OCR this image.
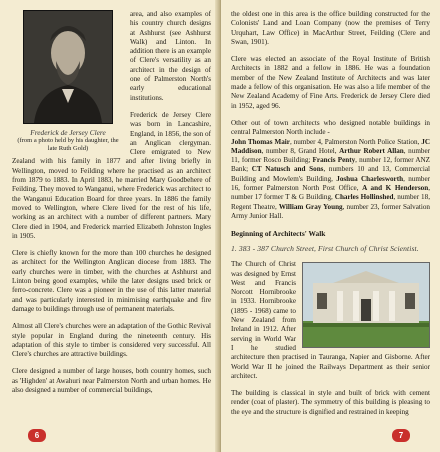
Frederick de Jersey Clere
(from a photo held by his daughter, the late Ruth Gold)

area, and also examples of his country church designs at Ashhurst (see Ashhurst Walk) and Linton. In addition there is an example of Clere's versatility as an architect in the design of one of Palmerston North's early educational institutions.

Frederick de Jersey Clere was born in Lancashire, England, in 1856, the son of an Anglican clergyman. Clere emigrated to New Zealand with his family in 1877 and after living briefly in Wellington, moved to Feilding where he practised as an architect from 1879 to 1883. In April 1883, he married Mary Goodbehere of Feilding. They moved to Wanganui, where Frederick was architect to the Wanganui Education Board for three years. In 1886 the family moved to Wellington, where Clere lived for the rest of his life, working as an architect with a number of different partners. Mary Clere died in 1904, and Frederick married Elizabeth Johnston Ingles in 1905.

Clere is chiefly known for the more than 100 churches he designed as architect for the Wellington Anglican diocese from 1883. The early churches were in timber, with the churches at Ashhurst and Linton being good examples, while the later designs used brick or ferro-concrete. Clere was a pioneer in the use of this latter material and was particularly interested in minimising earthquake and fire damage to buildings through use of permanent materials.

Almost all Clere's churches were an adaptation of the Gothic Revival style popular in England during the nineteenth century. His adaptation of this style to timber is considered very successful. All Clere's churches are attractive buildings.

Clere designed a number of large houses, both country homes, such as 'Highden' at Awahuri near Palmerston North and urban homes. He also designed a number of commercial buildings,

6

the oldest one in this area is the office building constructed for the Colonists' Land and Loan Company (now the premises of Terry Urquhart, Law Office) in MacArthur Street, Feilding (Clere and Swan, 1901).

Clere was elected an associate of the Royal Institute of British Architects in 1882 and a fellow in 1886. He was a foundation member of the New Zealand Institute of Architects and was later made a fellow of this organisation. He was also a life member of the New Zealand Academy of Fine Arts. Frederick de Jersey Clere died in 1952, aged 96.

Other out of town architects who designed notable buildings in central Palmerston North include -
John Thomas Mair, number 4, Palmerston North Police Station, JC Maddison, number 8, Grand Hotel, Arthur Robert Allan, number 11, former Rosco Building; Francis Penty, number 12, former ANZ Bank; CT Natusch and Sons, numbers 10 and 13, Commercial Building and Mowlem's Building, Joshua Charlesworth, number 16, former Palmerston North Post Office, A and K Henderson, number 17 former T & G Building, Charles Hollinshed, number 18, Regent Theatre, William Gray Young, number 23, former Salvation Army Junior Hall.

Beginning of Architects' Walk
1. 383 - 387 Church Street, First Church of Christ Scientist.

The Church of Christ was designed by Ernst West and Francis Norcott Hornibrooke in 1933. Hornibrooke (1895 - 1968) came to New Zealand from Ireland in 1912. After serving in World War I he studied architecture then practised in Tauranga, Napier and Gisborne. After World War II he joined the Railways Department as their senior architect.

The building is classical in style and built of brick with cement render (coat of plaster). The symmetry of this building is pleasing to the eye and the structure is dignified and restrained in keeping

7
